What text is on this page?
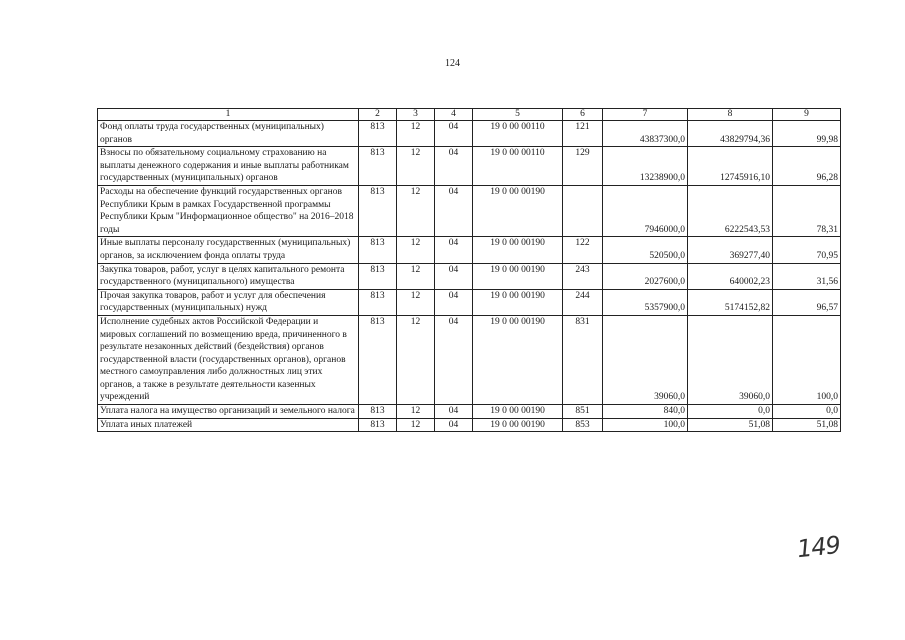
124
1	2	3	4	5	6	7	8	9
Фонд оплаты труда государственных (муниципальных) органов	813	12	04	19 0 00 00110	121	43837300,0	43829794,36	99,98
Взносы по обязательному социальному страхованию на выплаты денежного содержания и иные выплаты работникам государственных (муниципальных) органов	813	12	04	19 0 00 00110	129	13238900,0	12745916,10	96,28
Расходы на обеспечение функций государственных органов Республики Крым в рамках Государственной программы Республики Крым "Информационное общество" на 2016–2018 годы	813	12	04	19 0 00 00190		7946000,0	6222543,53	78,31
Иные выплаты персоналу государственных (муниципальных) органов, за исключением фонда оплаты труда	813	12	04	19 0 00 00190	122	520500,0	369277,40	70,95
Закупка товаров, работ, услуг в целях капитального ремонта государственного (муниципального) имущества	813	12	04	19 0 00 00190	243	2027600,0	640002,23	31,56
Прочая закупка товаров, работ и услуг для обеспечения государственных (муниципальных) нужд	813	12	04	19 0 00 00190	244	5357900,0	5174152,82	96,57
Исполнение судебных актов Российской Федерации и мировых соглашений по возмещению вреда, причиненного в результате незаконных действий (бездействия) органов государственной власти (государственных органов), органов местного самоуправления либо должностных лиц этих органов, а также в результате деятельности казенных учреждений	813	12	04	19 0 00 00190	831	39060,0	39060,0	100,0
Уплата налога на имущество организаций и земельного налога	813	12	04	19 0 00 00190	851	840,0	0,0	0,0
Уплата иных платежей	813	12	04	19 0 00 00190	853	100,0	51,08	51,08
149
